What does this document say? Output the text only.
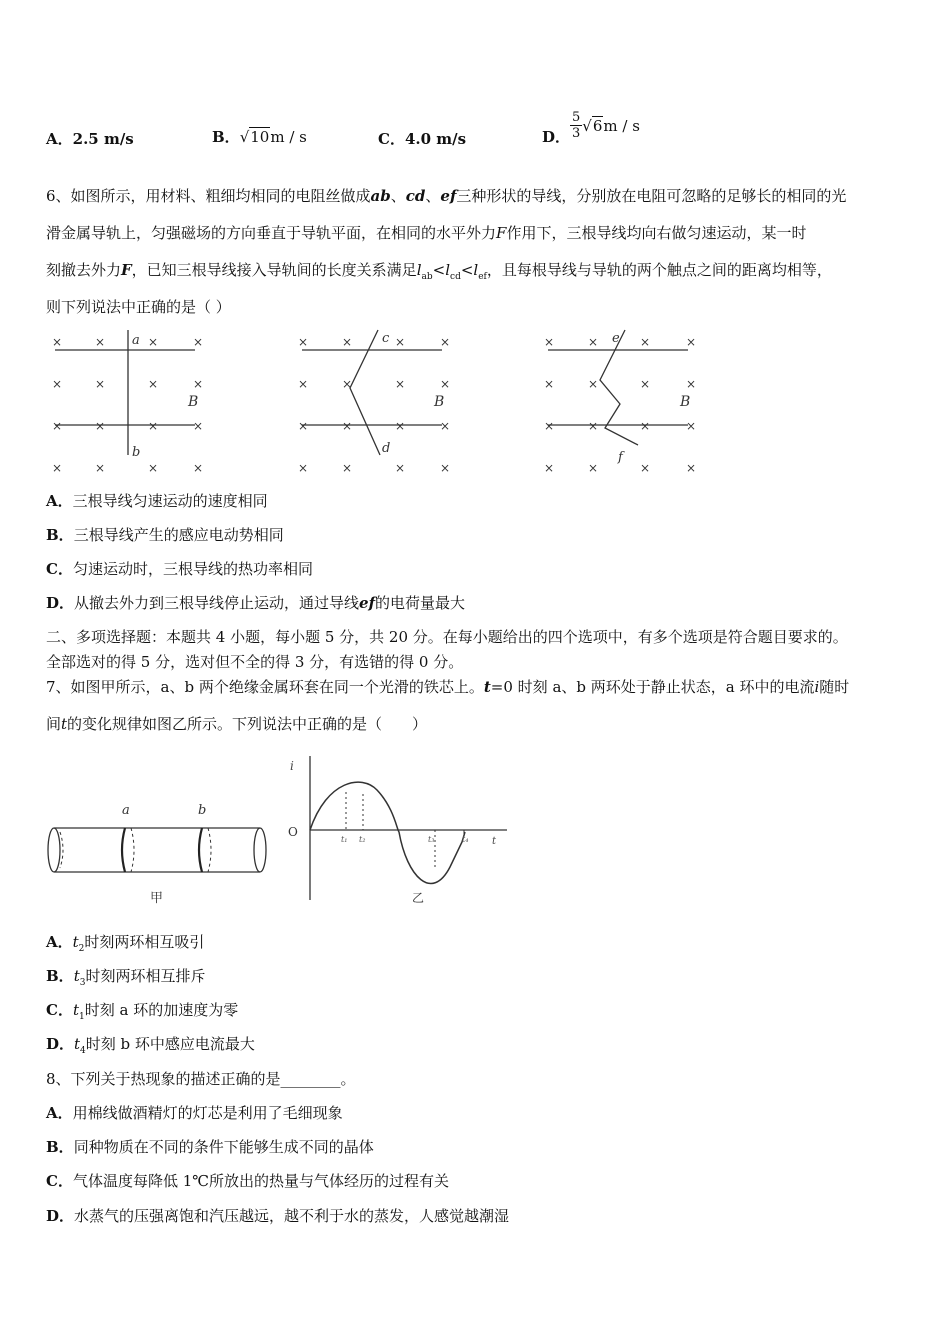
A．2.5 m/s	B．√10m / s	C．4.0 m/s	D． $\frac{5}{3}$ √ 6 m / s
6、如图所示，用材料、粗细均相同的电阻丝做成ab、cd、ef三种形状的导线，分别放在电阻可忽略的足够长的相同的光
滑金属导轨上，匀强磁场的方向垂直于导轨平面，在相同的水平外力F作用下，三根导线均向右做匀速运动，某一时
刻撤去外力F，已知三根导线接入导轨间的长度关系满足$l_{ab}<l_{cd}<l_{ef}$，且每根导线与导轨的两个触点之间的距离均相等，
则下列说法中正确的是（ ）
×	×	×	×
×	×	×	×
×	×	×	×
×	×	×	×
a
b
B
×	×	×	×
×	×	×	×
×	×	×	×
×	×	×	×
c
d
B
×	×	×	×
×	×	×	×
×	×	×	×
×	×	×	×
e
f
B
A．三根导线匀速运动的速度相同
B．三根导线产生的感应电动势相同
C．匀速运动时，三根导线的热功率相同
D．从撤去外力到三根导线停止运动，通过导线ef的电荷量最大
二、多项选择题：本题共 4 小题，每小题 5 分，共 20 分。在每小题给出的四个选项中，有多个选项是符合题目要求的。
全部选对的得 5 分，选对但不全的得 3 分，有选错的得 0 分。
7、如图甲所示，a、b 两个绝缘金属环套在同一个光滑的铁芯上。t=0 时刻 a、b 两环处于静止状态，a 环中的电流i随时
间t的变化规律如图乙所示。下列说法中正确的是（　　）
a	b
甲
i
t
O
t₁ t₂	t₃	t₄
乙
A．$t_2$时刻两环相互吸引
B．$t_3$时刻两环相互排斥
C．$t_1$时刻 a 环的加速度为零
D．$t_4$时刻 b 环中感应电流最大
8、下列关于热现象的描述正确的是________。
A．用棉线做酒精灯的灯芯是利用了毛细现象
B．同种物质在不同的条件下能够生成不同的晶体
C．气体温度每降低 1℃所放出的热量与气体经历的过程有关
D．水蒸气的压强离饱和汽压越远，越不利于水的蒸发，人感觉越潮湿
